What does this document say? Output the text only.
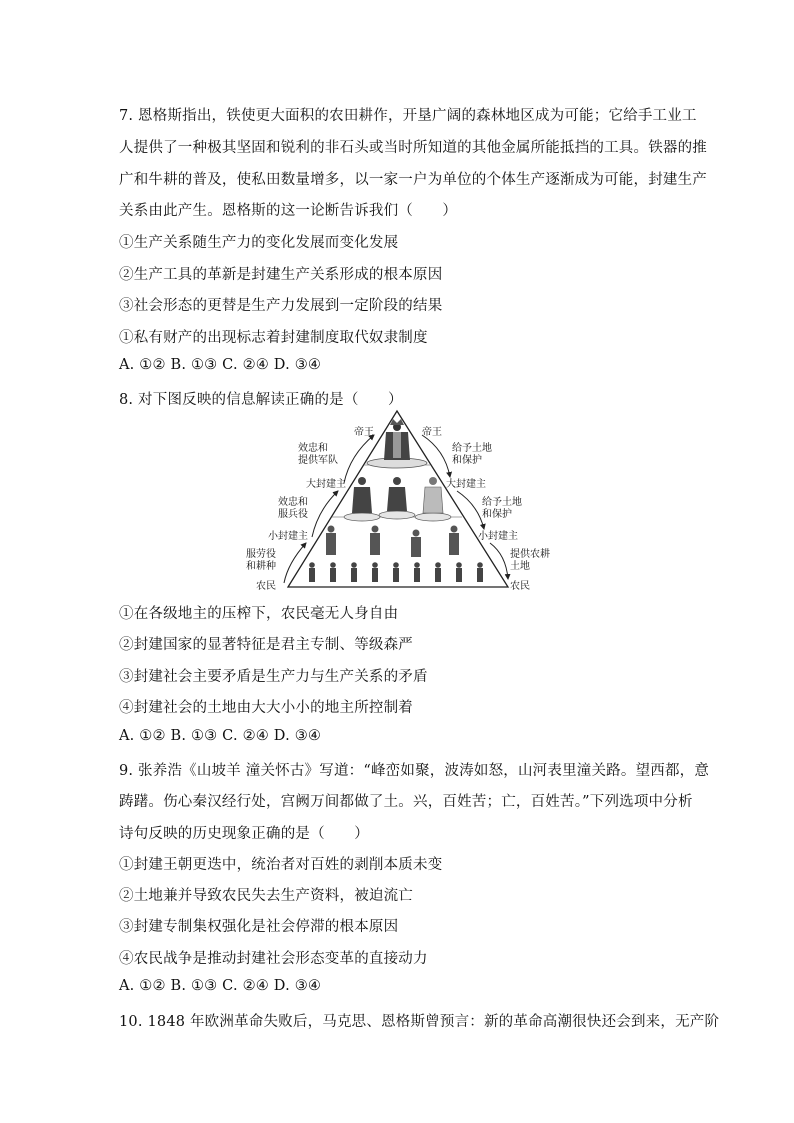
7. 恩格斯指出，铁使更大面积的农田耕作，开垦广阔的森林地区成为可能；它给手工业工
人提供了一种极其坚固和锐利的非石头或当时所知道的其他金属所能抵挡的工具。铁器的推
广和牛耕的普及，使私田数量增多，以一家一户为单位的个体生产逐渐成为可能，封建生产
关系由此产生。恩格斯的这一论断告诉我们（　　）
①生产关系随生产力的变化发展而变化发展
②生产工具的革新是封建生产关系形成的根本原因
③社会形态的更替是生产力发展到一定阶段的结果
①私有财产的出现标志着封建制度取代奴隶制度
A. ①② B. ①③ C. ②④ D. ③④
8. 对下图反映的信息解读正确的是（　　）
帝王	帝王
效忠和
提供军队
给予土地
和保护
大封建主	大封建主
效忠和
服兵役
给予土地
和保护
小封建主	小封建主
服劳役
和耕种
提供农耕
土地
农民	农民
①在各级地主的压榨下，农民毫无人身自由
②封建国家的显著特征是君主专制、等级森严
③封建社会主要矛盾是生产力与生产关系的矛盾
④封建社会的土地由大大小小的地主所控制着
A. ①② B. ①③ C. ②④ D. ③④
9. 张养浩《山坡羊 潼关怀古》写道：“峰峦如聚，波涛如怒，山河表里潼关路。望西都，意
踌躇。伤心秦汉经行处，宫阙万间都做了土。兴，百姓苦；亡，百姓苦。”下列选项中分析
诗句反映的历史现象正确的是（　　）
①封建王朝更迭中，统治者对百姓的剥削本质未变
②土地兼并导致农民失去生产资料，被迫流亡
③封建专制集权强化是社会停滞的根本原因
④农民战争是推动封建社会形态变革的直接动力
A. ①② B. ①③ C. ②④ D. ③④
10. 1848 年欧洲革命失败后，马克思、恩格斯曾预言：新的革命高潮很快还会到来，无产阶
